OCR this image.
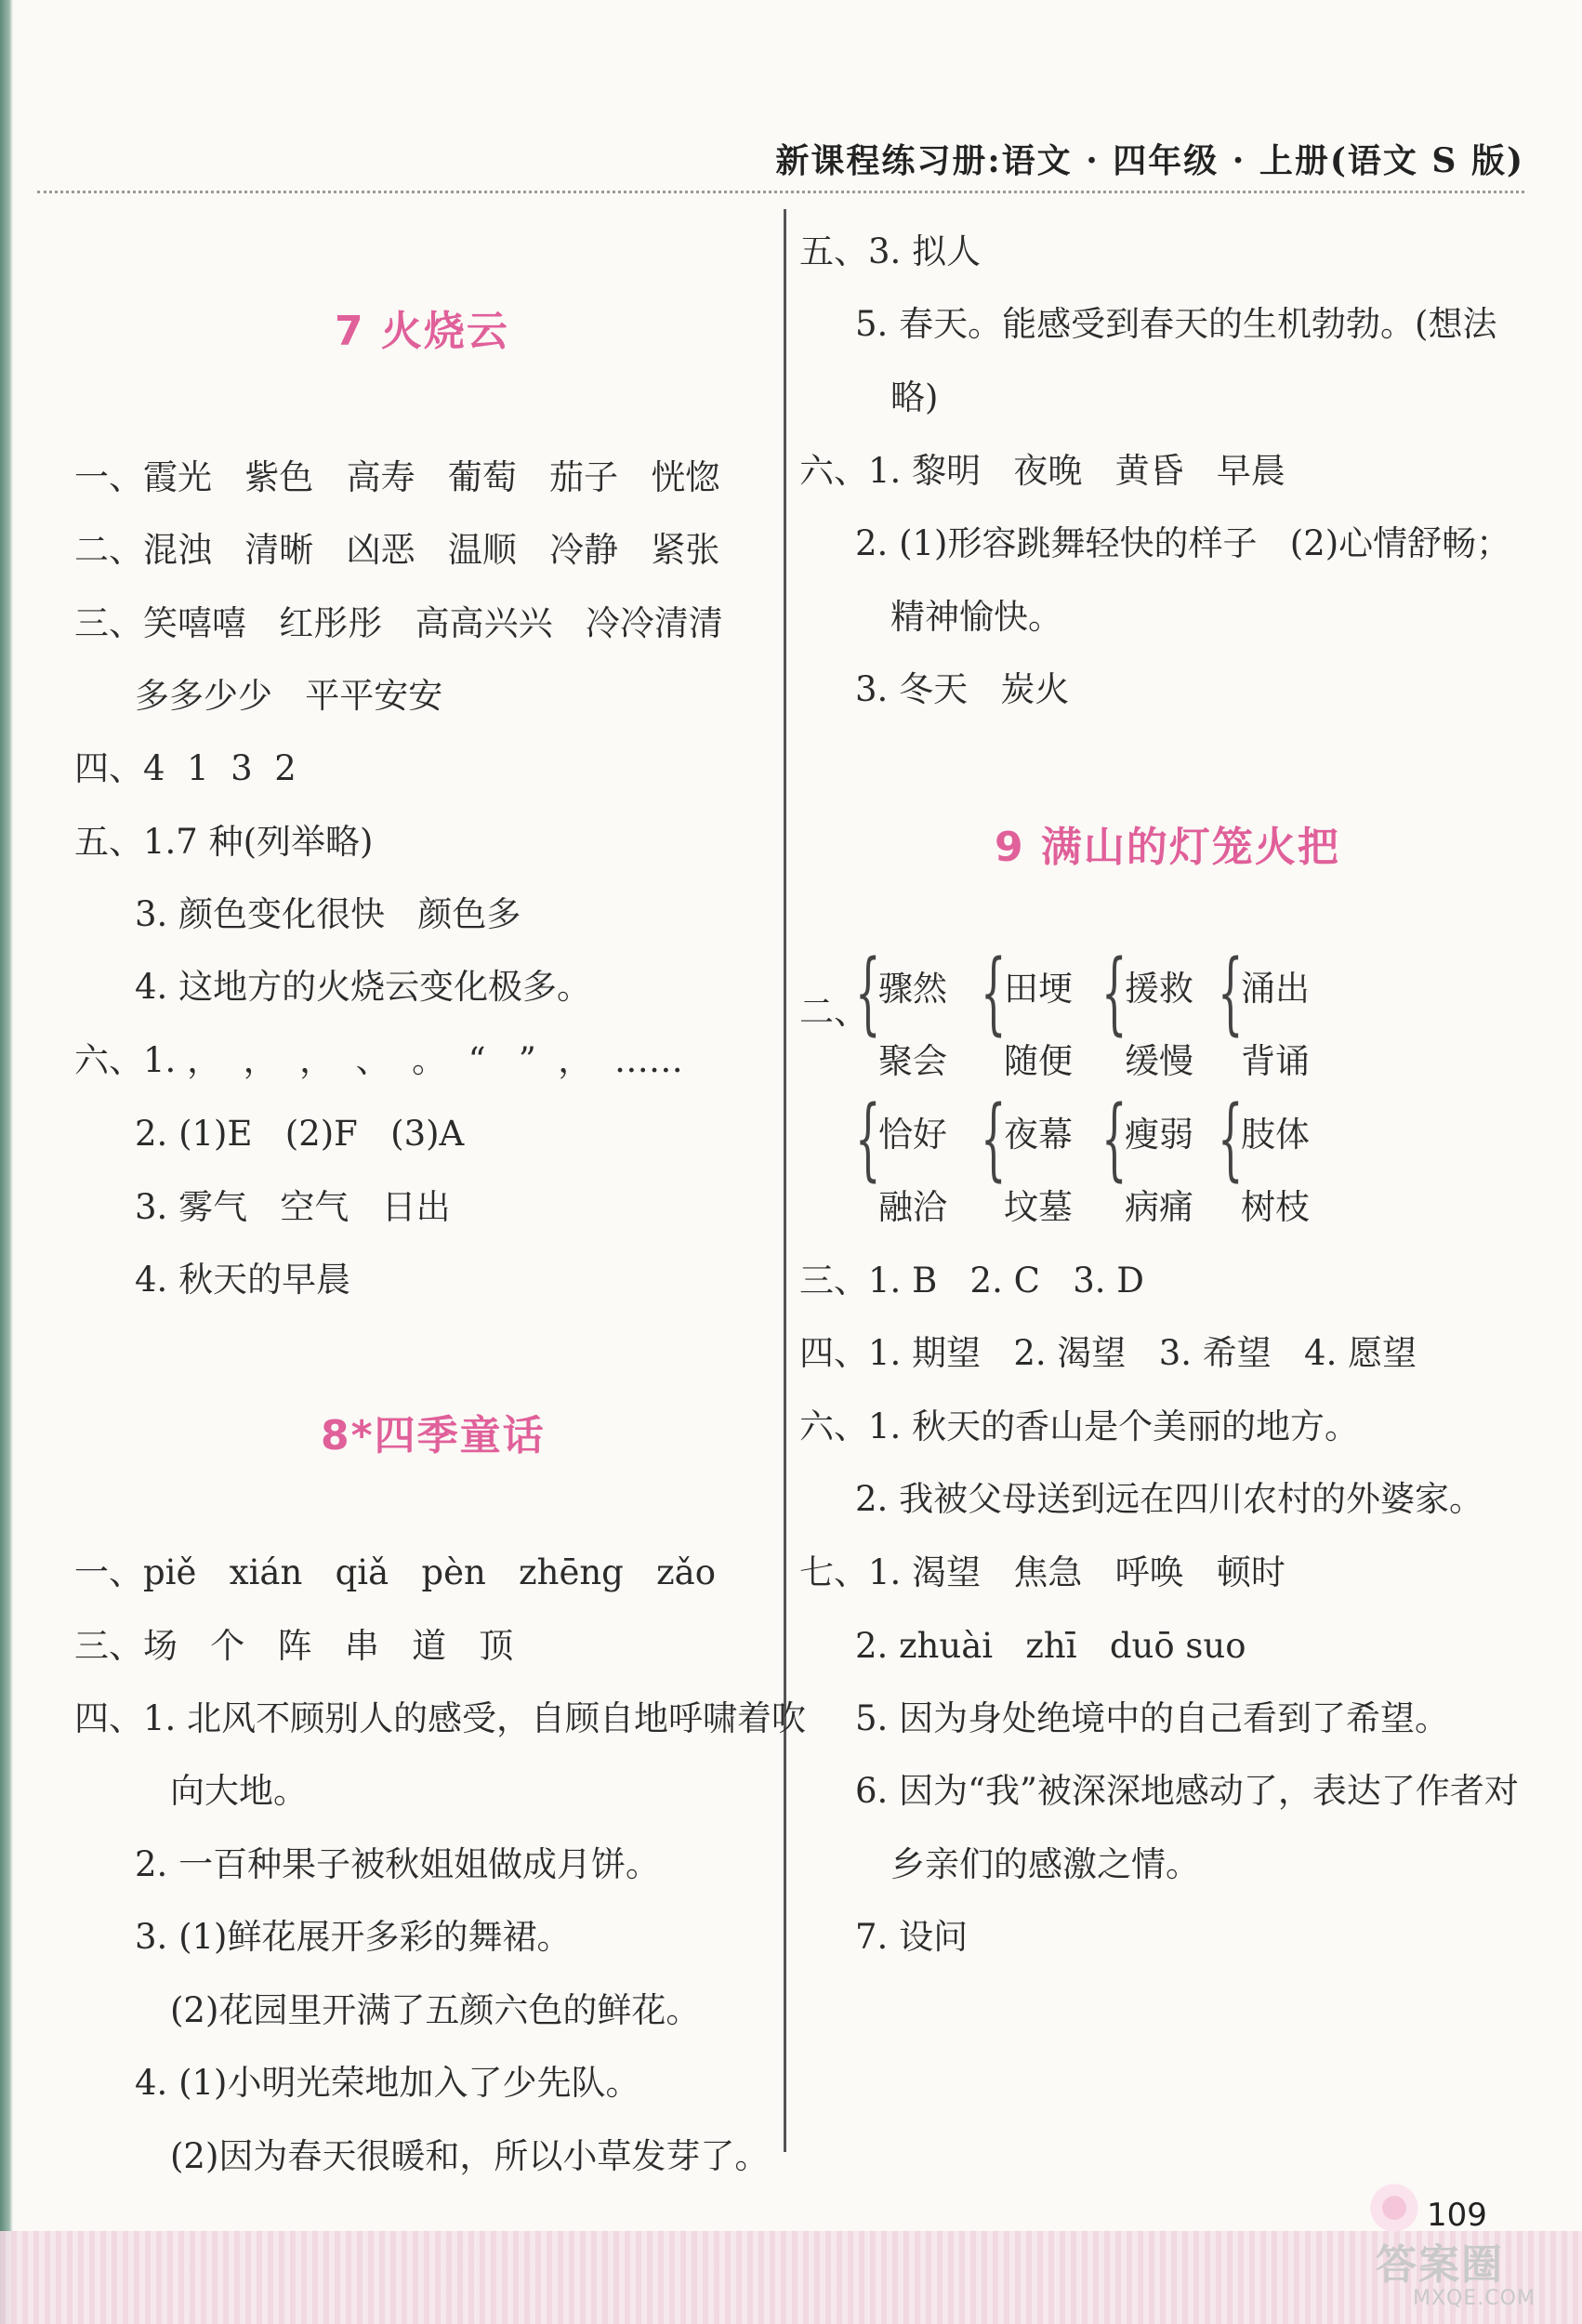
新课程练习册:语文 · 四年级 · 上册(语文 S 版)
7 火烧云
一、霞光   紫色   高寿   葡萄   茄子   恍惚
二、混浊   清晰   凶恶   温顺   冷静   紧张
三、笑嘻嘻   红彤彤   高高兴兴   冷冷清清
多多少少   平平安安
四、4  1  3  2
五、1.7 种(列举略)
3. 颜色变化很快   颜色多
4. 这地方的火烧云变化极多。
六、1. ，  ，  ，  、  。  “   ”  ，  ……
2. (1)E   (2)F   (3)A
3. 雾气   空气   日出
4. 秋天的早晨
8*四季童话
一、piě   xián   qiǎ   pèn   zhēng   zǎo
三、场   个   阵   串   道   顶
四、1. 北风不顾别人的感受，自顾自地呼啸着吹
向大地。
2. 一百种果子被秋姐姐做成月饼。
3. (1)鲜花展开多彩的舞裙。
(2)花园里开满了五颜六色的鲜花。
4. (1)小明光荣地加入了少先队。
(2)因为春天很暖和，所以小草发芽了。
五、3. 拟人
5. 春天。能感受到春天的生机勃勃。(想法
略)
六、1. 黎明   夜晚   黄昏   早晨
2. (1)形容跳舞轻快的样子   (2)心情舒畅；
精神愉快。
3. 冬天   炭火
9 满山的灯笼火把
二、
{
骤然
聚会
{
田埂
随便
{
援救
缓慢
{
涌出
背诵
{
恰好
融洽
{
夜幕
坟墓
{
瘦弱
病痛
{
肢体
树枝
三、1. B   2. C   3. D
四、1. 期望   2. 渴望   3. 希望   4. 愿望
六、1. 秋天的香山是个美丽的地方。
2. 我被父母送到远在四川农村的外婆家。
七、1. 渴望   焦急   呼唤   顿时
2. zhuài   zhī   duō suo
5. 因为身处绝境中的自己看到了希望。
6. 因为“我”被深深地感动了，表达了作者对
乡亲们的感激之情。
7. 设问
109
答案圈
MXQE.COM
